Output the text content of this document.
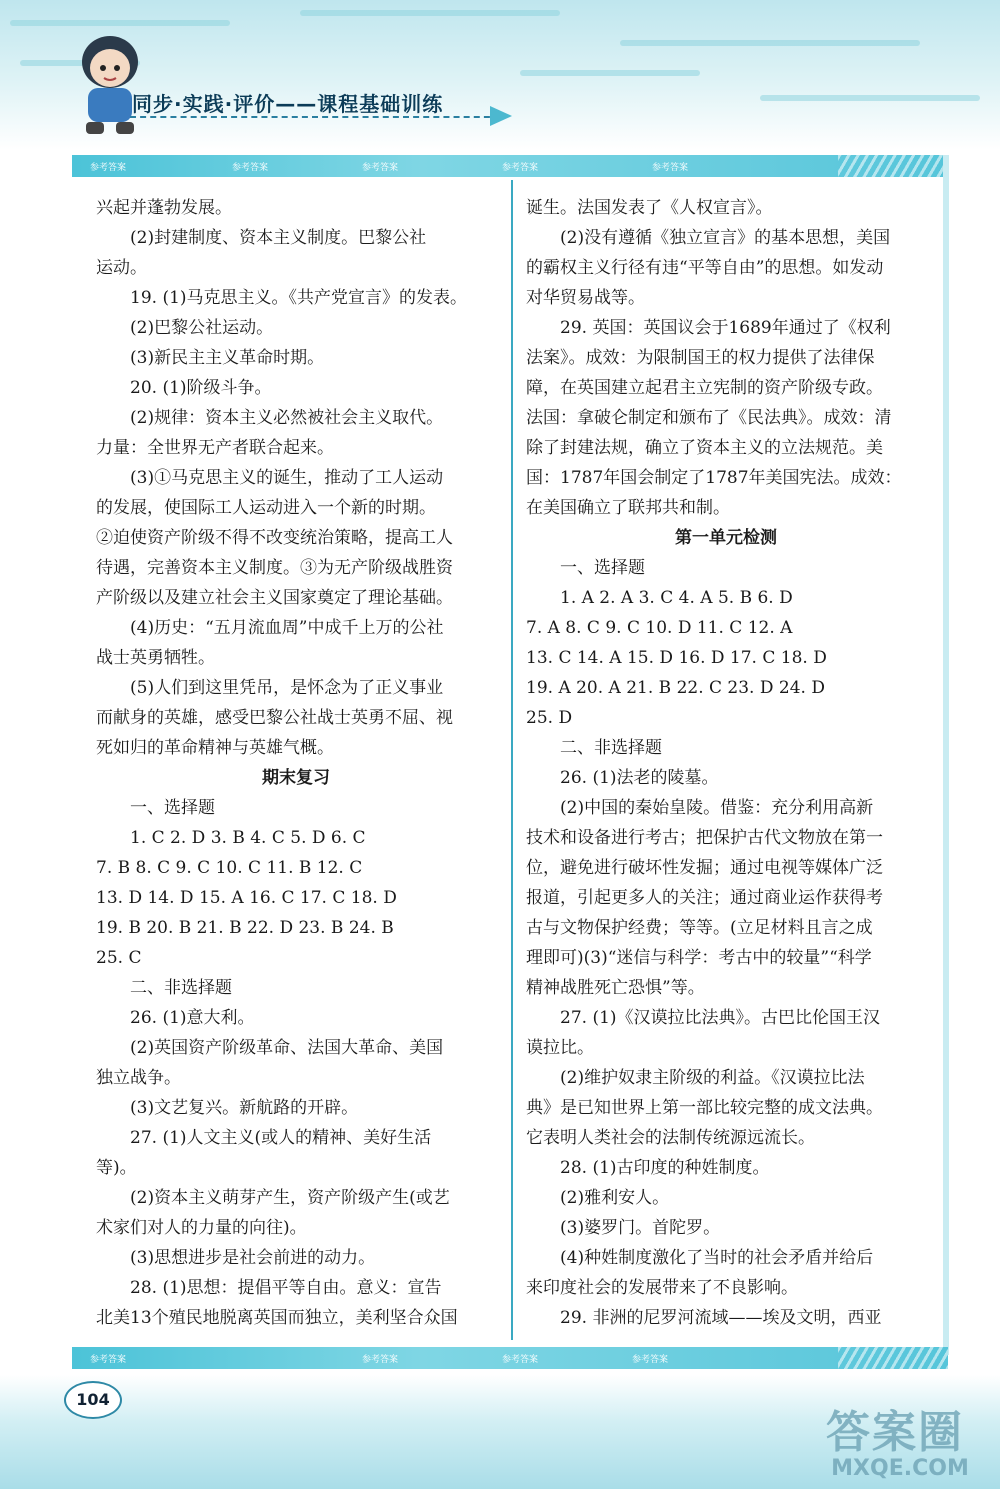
同步·实践·评价——课程基础训练
参考答案	参考答案	参考答案	参考答案	参考答案

兴起并蓬勃发展。

(2)封建制度、资本主义制度。巴黎公社

运动。

19. (1)马克思主义。《共产党宣言》的发表。

(2)巴黎公社运动。

(3)新民主主义革命时期。

20. (1)阶级斗争。

(2)规律：资本主义必然被社会主义取代。

力量：全世界无产者联合起来。

(3)①马克思主义的诞生，推动了工人运动

的发展，使国际工人运动进入一个新的时期。

②迫使资产阶级不得不改变统治策略，提高工人

待遇，完善资本主义制度。③为无产阶级战胜资

产阶级以及建立社会主义国家奠定了理论基础。

(4)历史：“五月流血周”中成千上万的公社

战士英勇牺牲。

(5)人们到这里凭吊，是怀念为了正义事业

而献身的英雄，感受巴黎公社战士英勇不屈、视

死如归的革命精神与英雄气概。

期末复习

一、选择题

1. C 2. D 3. B 4. C 5. D 6. C

7. B 8. C 9. C 10. C 11. B 12. C

13. D 14. D 15. A 16. C 17. C 18. D

19. B 20. B 21. B 22. D 23. B 24. B

25. C

二、非选择题

26. (1)意大利。

(2)英国资产阶级革命、法国大革命、美国

独立战争。

(3)文艺复兴。新航路的开辟。

27. (1)人文主义(或人的精神、美好生活

等)。

(2)资本主义萌芽产生，资产阶级产生(或艺

术家们对人的力量的向往)。

(3)思想进步是社会前进的动力。

28. (1)思想：提倡平等自由。意义：宣告

北美13个殖民地脱离英国而独立，美利坚合众国

诞生。法国发表了《人权宣言》。

(2)没有遵循《独立宣言》的基本思想，美国

的霸权主义行径有违“平等自由”的思想。如发动

对华贸易战等。

29. 英国：英国议会于1689年通过了《权利

法案》。成效：为限制国王的权力提供了法律保

障，在英国建立起君主立宪制的资产阶级专政。

法国：拿破仑制定和颁布了《民法典》。成效：清

除了封建法规，确立了资本主义的立法规范。美

国：1787年国会制定了1787年美国宪法。成效：

在美国确立了联邦共和制。

第一单元检测

一、选择题

1. A 2. A 3. C 4. A 5. B 6. D

7. A 8. C 9. C 10. D 11. C 12. A

13. C 14. A 15. D 16. D 17. C 18. D

19. A 20. A 21. B 22. C 23. D 24. D

25. D

二、非选择题

26. (1)法老的陵墓。

(2)中国的秦始皇陵。借鉴：充分利用高新

技术和设备进行考古；把保护古代文物放在第一

位，避免进行破坏性发掘；通过电视等媒体广泛

报道，引起更多人的关注；通过商业运作获得考

古与文物保护经费；等等。(立足材料且言之成

理即可)(3)“迷信与科学：考古中的较量”“科学

精神战胜死亡恐惧”等。

27. (1)《汉谟拉比法典》。古巴比伦国王汉

谟拉比。

(2)维护奴隶主阶级的利益。《汉谟拉比法

典》是已知世界上第一部比较完整的成文法典。

它表明人类社会的法制传统源远流长。

28. (1)古印度的种姓制度。

(2)雅利安人。

(3)婆罗门。首陀罗。

(4)种姓制度激化了当时的社会矛盾并给后

来印度社会的发展带来了不良影响。

29. 非洲的尼罗河流域——埃及文明，西亚

参考答案	参考答案	参考答案	参考答案
104
答案圈
MXQE.COM
